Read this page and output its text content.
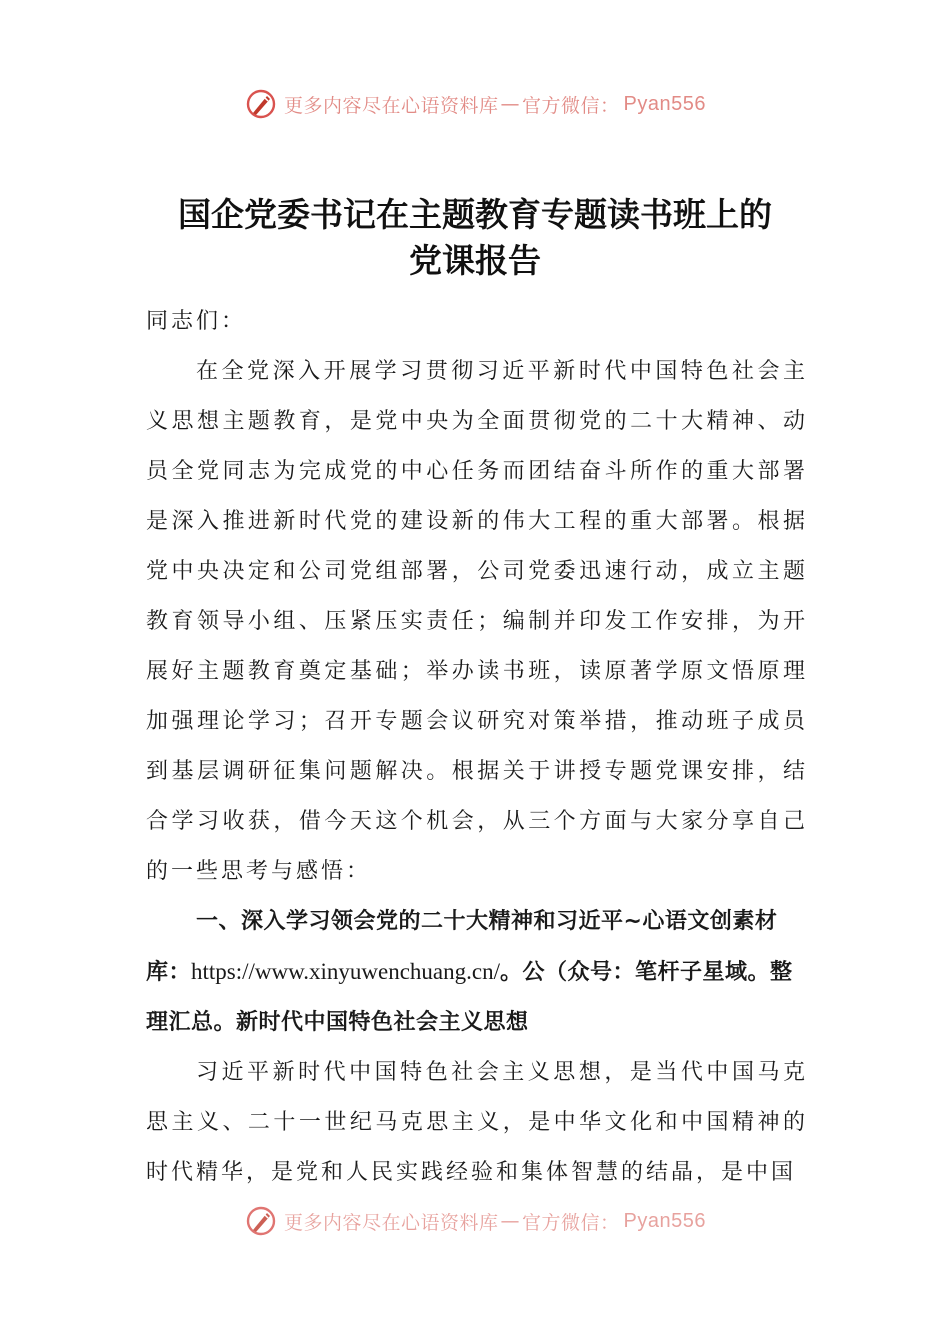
更多内容尽在心语资料库 — 官方微信： Pyan556
国企党委书记在主题教育专题读书班上的
党课报告

同志们：

在全党深入开展学习贯彻习近平新时代中国特色社会主义思想主题教育，是党中央为全面贯彻党的二十大精神、动员全党同志为完成党的中心任务而团结奋斗所作的重大部署是深入推进新时代党的建设新的伟大工程的重大部署。根据党中央决定和公司党组部署，公司党委迅速行动，成立主题教育领导小组、压紧压实责任；编制并印发工作安排，为开展好主题教育奠定基础；举办读书班，读原著学原文悟原理加强理论学习；召开专题会议研究对策举措，推动班子成员到基层调研征集问题解决。根据关于讲授专题党课安排，结合学习收获，借今天这个机会，从三个方面与大家分享自己的一些思考与感悟：

一、深入学习领会党的二十大精神和习近平~心语文创素材库：https://www.xinyuwenchuang.cn/。公（众号：笔杆子星域。整理汇总。新时代中国特色社会主义思想

习近平新时代中国特色社会主义思想，是当代中国马克思主义、二十一世纪马克思主义，是中华文化和中国精神的时代精华，是党和人民实践经验和集体智慧的结晶，是中国

更多内容尽在心语资料库 — 官方微信： Pyan556
